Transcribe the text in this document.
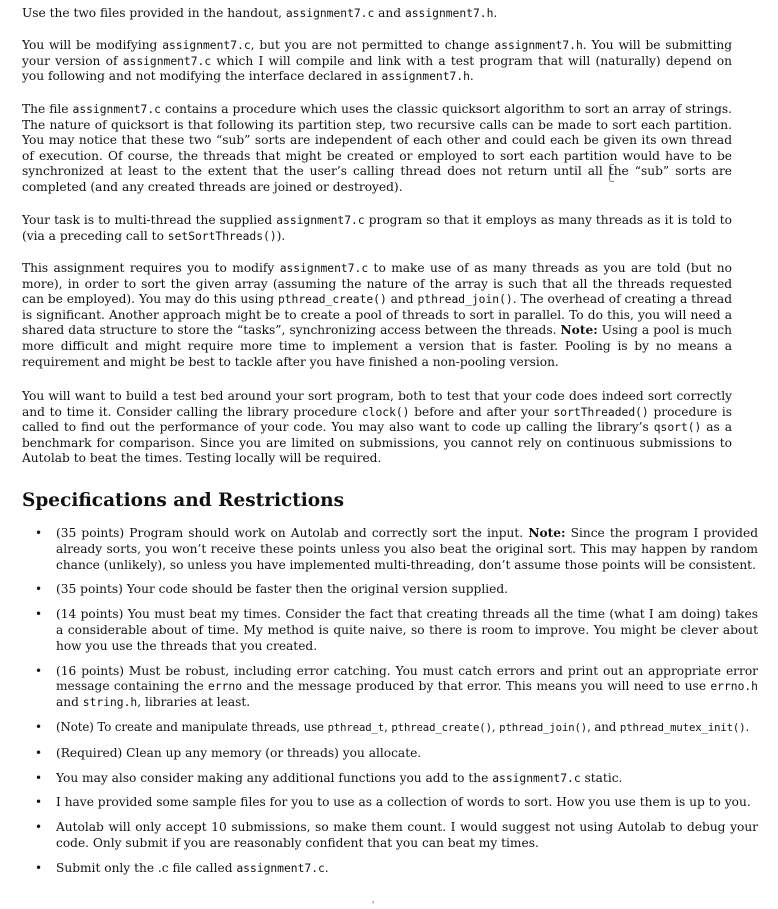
Use the two files provided in the handout, assignment7.c and assignment7.h.

You will be modifying assignment7.c, but you are not permitted to change assignment7.h. You will be submitting your version of assignment7.c which I will compile and link with a test program that will (naturally) depend on you following and not modifying the interface declared in assignment7.h.

The file assignment7.c contains a procedure which uses the classic quicksort algorithm to sort an array of strings. The nature of quicksort is that following its partition step, two recursive calls can be made to sort each partition. You may notice that these two “sub” sorts are independent of each other and could each be given its own thread of execution. Of course, the threads that might be created or employed to sort each partition would have to be synchronized at least to the extent that the user’s calling thread does not return until all the “sub” sorts are completed (and any created threads are joined or destroyed).

Your task is to multi-thread the supplied assignment7.c program so that it employs as many threads as it is told to (via a preceding call to setSortThreads()).

This assignment requires you to modify assignment7.c to make use of as many threads as you are told (but no more), in order to sort the given array (assuming the nature of the array is such that all the threads requested can be employed). You may do this using pthread_create() and pthread_join(). The overhead of creating a thread is significant. Another approach might be to create a pool of threads to sort in parallel. To do this, you will need a shared data structure to store the “tasks”, synchronizing access between the threads. Note: Using a pool is much more difficult and might require more time to implement a version that is faster. Pooling is by no means a requirement and might be best to tackle after you have finished a non-pooling version.

You will want to build a test bed around your sort program, both to test that your code does indeed sort correctly and to time it. Consider calling the library procedure clock() before and after your sortThreaded() procedure is called to find out the performance of your code. You may also want to code up calling the library’s qsort() as a benchmark for comparison. Since you are limited on submissions, you cannot rely on continuous submissions to Autolab to beat the times. Testing locally will be required.

Specifications and Restrictions
• (35 points) Program should work on Autolab and correctly sort the input. Note: Since the program I provided already sorts, you won’t receive these points unless you also beat the original sort. This may happen by random chance (unlikely), so unless you have implemented multi-threading, don’t assume those points will be consistent.
• (35 points) Your code should be faster then the original version supplied.
• (14 points) You must beat my times. Consider the fact that creating threads all the time (what I am doing) takes a considerable about of time. My method is quite naive, so there is room to improve. You might be clever about how you use the threads that you created.
• (16 points) Must be robust, including error catching. You must catch errors and print out an appropriate error message containing the errno and the message produced by that error. This means you will need to use errno.h and string.h, libraries at least.
• (Note) To create and manipulate threads, use pthread_t, pthread_create(), pthread_join(), and pthread_mutex_init().
• (Required) Clean up any memory (or threads) you allocate.
• You may also consider making any additional functions you add to the assignment7.c static.
• I have provided some sample files for you to use as a collection of words to sort. How you use them is up to you.
• Autolab will only accept 10 submissions, so make them count. I would suggest not using Autolab to debug your code. Only submit if you are reasonably confident that you can beat my times.
• Submit only the .c file called assignment7.c.
'
